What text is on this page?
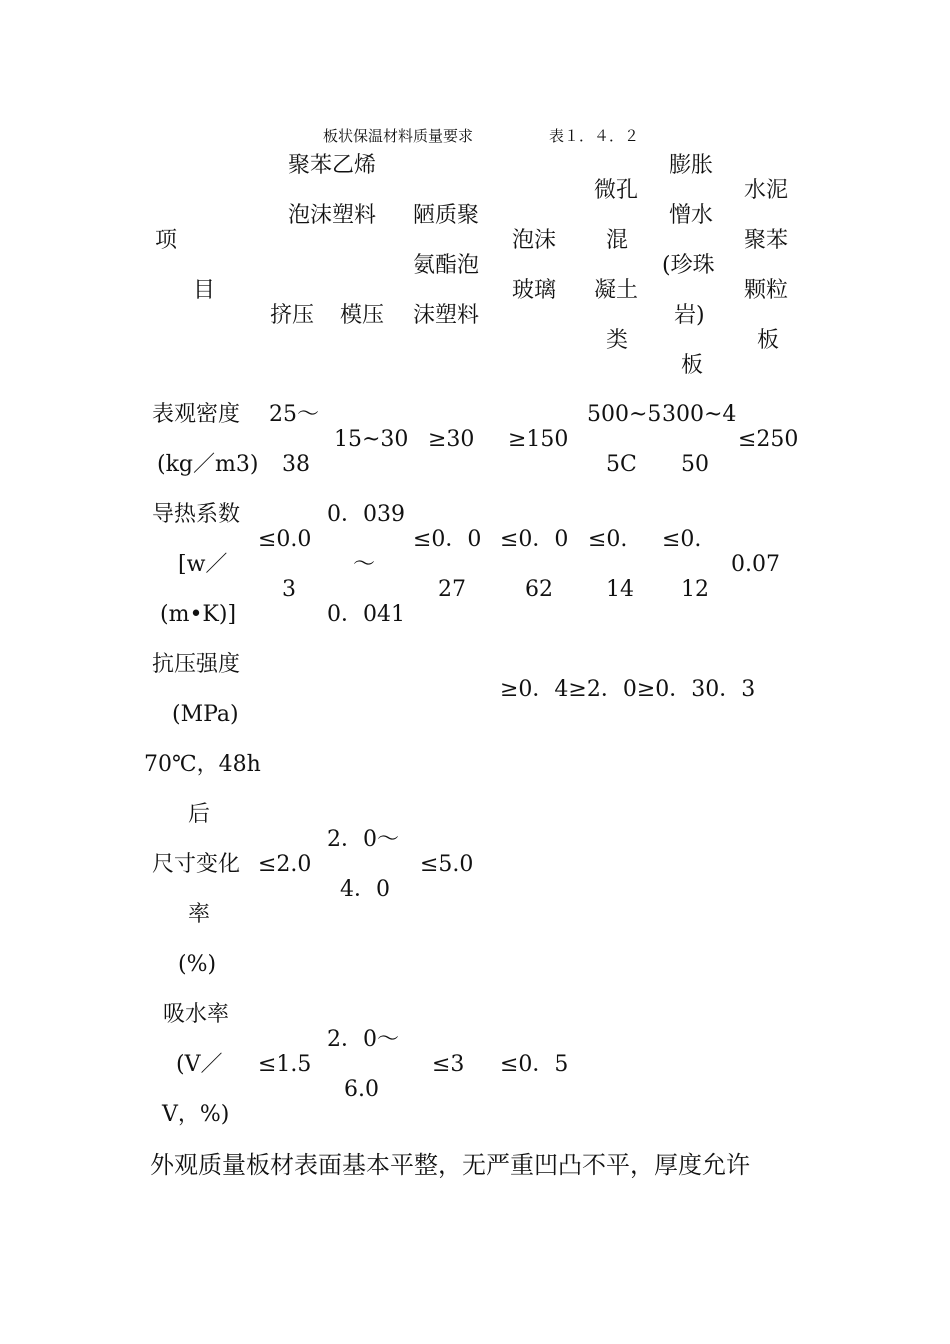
板状保温材料质量要求	表１．４．２
项
目
聚苯乙烯
泡沫塑料
挤压 模压
陋质聚
氨酯泡
沫塑料
泡沫
玻璃
微孔
混
凝土
类
膨胀
憎水
(珍珠
岩)
板
水泥
聚苯
颗粒
板
表观密度
(kg／m3)
25～
38
15~30 ≥30 ≥150
500~5
5C
300~4
50
≤250
导热系数
[w／
(m•K)]
≤0.0
3
0．039
～
0．041
≤0．0
27
≤0．0
62
≤0.
14
≤0.
12
0.07
抗压强度
(MPa)
≥0．4≥2．0≥0．30．3
70℃，48h
后
尺寸变化
率
(%)
≤2.0
2．0～
4．0
≤5.0
吸水率
(V／
V，%)
≤1.5
2．0～
6.0
≤3 ≤0．5
外观质量板材表面基本平整，无严重凹凸不平，厚度允许
